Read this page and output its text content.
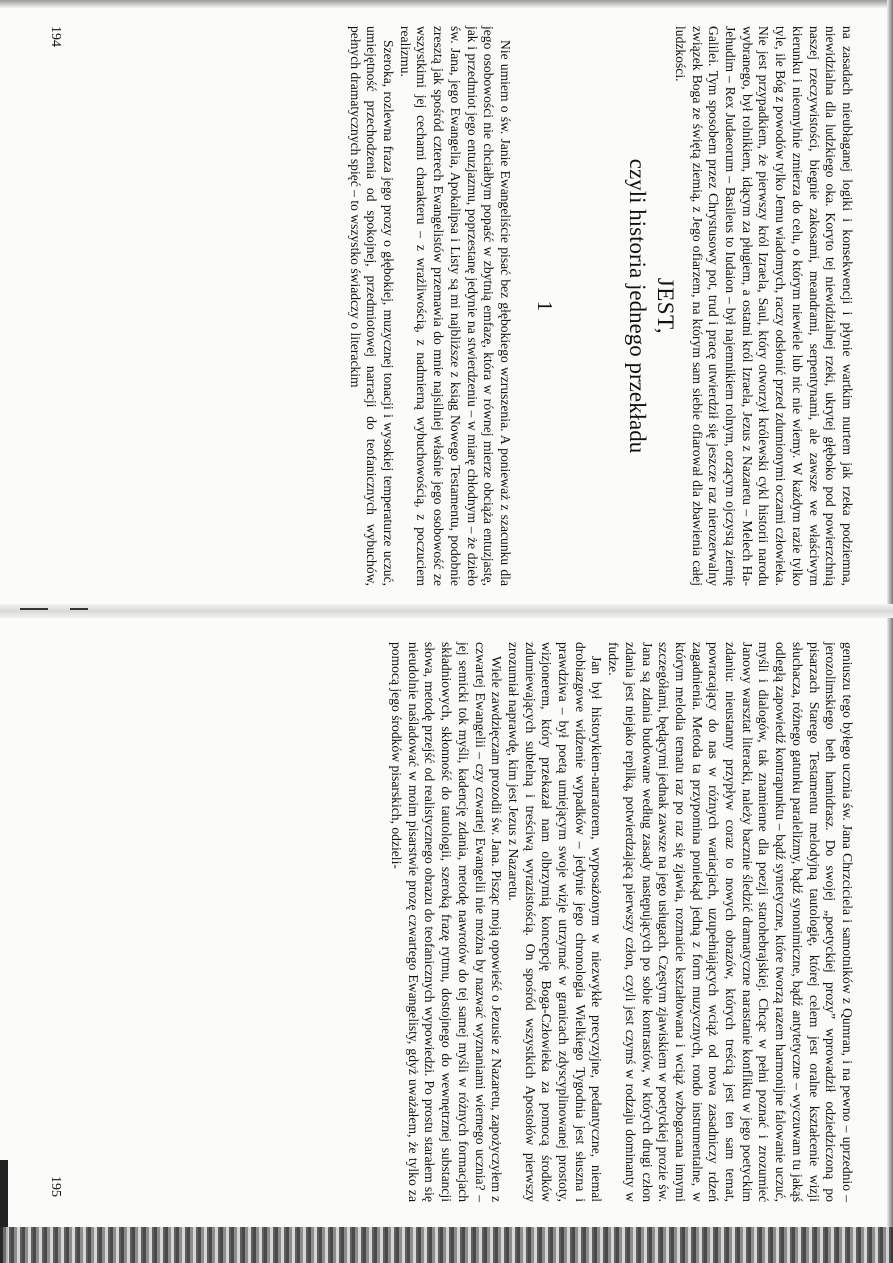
na zasadach nieubłaganej logiki i konsekwencji i płynie wartkim nurtem jak rzeka podziemna, niewidzialna dla ludzkiego oka. Koryto tej niewidzialnej rzeki, ukrytej głęboko pod powierzchnią naszej rzeczywistości, biegnie zakosami, meandrami, serpentynami, ale zawsze we właściwym kierunku i nieomylnie zmierza do celu, o którym niewiele lub nic nie wiemy. W każdym razie tylko tyle, ile Bóg z powodów tylko Jemu wiadomych, raczy odsłonić przed zdumionymi oczami człowieka. Nie jest przypadkiem, że pierwszy król Izraela, Saul, który otworzył królewski cykl historii narodu wybranego, był rolnikiem, idącym za pługiem, a ostatni król Izraela, Jezus z Nazaretu – Melech Ha-Jehudim – Rex Judaeorum – Basileus to Iudaion – był najemnikiem rolnym, orzącym ojczystą ziemię Galilei. Tym sposobem przez Chrystusowy pot, trud i pracę utwierdził się jeszcze raz nierozerwalny związek Boga ze świętą ziemią, z Jego ofiarzem, na którym sam siebie ofiarował dla zbawienia całej ludzkości.

JEST,
czyli historia jednego przekładu
1

Nie umiem o św. Janie Ewangeliście pisać bez głębokiego wzruszenia. A ponieważ z szacunku dla jego osobowości nie chciałbym popaść w zbytnią emfazę, która w równej mierze obciąża entuzjastę, jak i przedmiot jego entuzjazmu, poprzestanę jedynie na stwierdzeniu – w miarę chłodnym – że dzieło św. Jana, jego Ewangelia, Apokalipsa i Listy są mi najbliższe z ksiąg Nowego Testamentu, podobnie zresztą jak spośród czterech Ewangelistów przemawia do mnie najsilniej właśnie jego osobowość ze wszystkimi jej cechami charakteru – z wrażliwością, z nadmierną wybuchowością, z poczuciem realizmu.

Szeroka, rozlewna fraza jego prozy o głębokiej, muzycznej tonacji i wysokiej temperaturze uczuć, umiejętność przechodzenia od spokojnej, przedmiotowej narracji do teofanicznych wybuchów, pełnych dramatycznych spięć – to wszystko świadczy o literackim

194

geniuszu tego byłego ucznia św. Jana Chrzciciela i samotników z Qumran, i na pewno – uprzednio – jerozolimskiego beth hamidrasz. Do swojej „poetyckiej prozy” wprowadził odziedziczoną po pisarzach Starego Testamentu melodyjną tautologię, której celem jest oralne kształcenie wizji słuchacza, różnego gatunku paralelizmy, bądź synonimiczne, bądź antytetyczne – wyczuwam tu jakąś odległą zapowiedź kontrapunktu – bądź syntetyczne, które tworzą razem harmonijne falowanie uczuć, myśli i dialogów, tak znamienne dla poezji starohebrajskiej. Chcąc w pełni poznać i zrozumieć Janowy warsztat literacki, należy bacznie śledzić dramatyczne narastanie konfliktu w jego poetyckim zdaniu: nieustanny przypływ coraz to nowych obrazów, których treścią jest ten sam temat, powracający do nas w różnych wariacjach, uzupełniających wciąż od nowa zasadniczy rdzeń zagadnienia. Metoda ta przypomina poniekąd jedną z form muzycznych, rondo instrumentalne, w którym melodia tematu raz po raz się zjawia, rozmaicie kształtowana i wciąż wzbogacana innymi szczegółami, będącymi jednak zawsze na jego usługach. Częstym zjawiskiem w poetyckiej prozie św. Jana są zdania budowane według zasady następujących po sobie kontrastów, w których drugi człon zdania jest niejako repliką, potwierdzającą pierwszy człon, czyli jest czymś w rodzaju dominanty w fudze.

Jan był historykiem-narratorem, wyposażonym w niezwykłe precyzyjne, pedantyczne, niemal drobiazgowe widzenie wypadków – jedynie jego chronologia Wielkiego Tygodnia jest słuszna i prawdziwa – był poetą umiejącym swoje wizje utrzymać w granicach zdyscyplinowanej prostoty, wizjonerem, który przekazał nam olbrzymią koncepcję Boga-Człowieka za pomocą środków zdumiewających subtelną i treściwą wyrazistością. On spośród wszystkich Apostołów pierwszy zrozumiał naprawdę, kim jest Jezus z Nazaretu.

Wiele zawdzięczam prozodii św. Jana. Pisząc moją opowieść o Jezusie z Nazaretu, zapożyczyłem z czwartej Ewangelii – czy czwartej Ewangelii nie można by nazwać wyznaniami wiernego ucznia? – jej semicki tok myśli, kadencję zdania, metodę nawrotów do tej samej myśli w różnych formacjach składniowych, skłonność do tautologii, szeroką frazę rytmu, dostojnego do wewnętrznej substancji słowa, metodę przejść od realistycznego obrazu do teofanicznych wypowiedzi. Po prostu starałem się nieudolnie naśladować w moim pisarstwie prozę czwartego Ewangelisty, gdyż uważałem, że tylko za pomocą jego środków pisarskich, odzieli-

195
